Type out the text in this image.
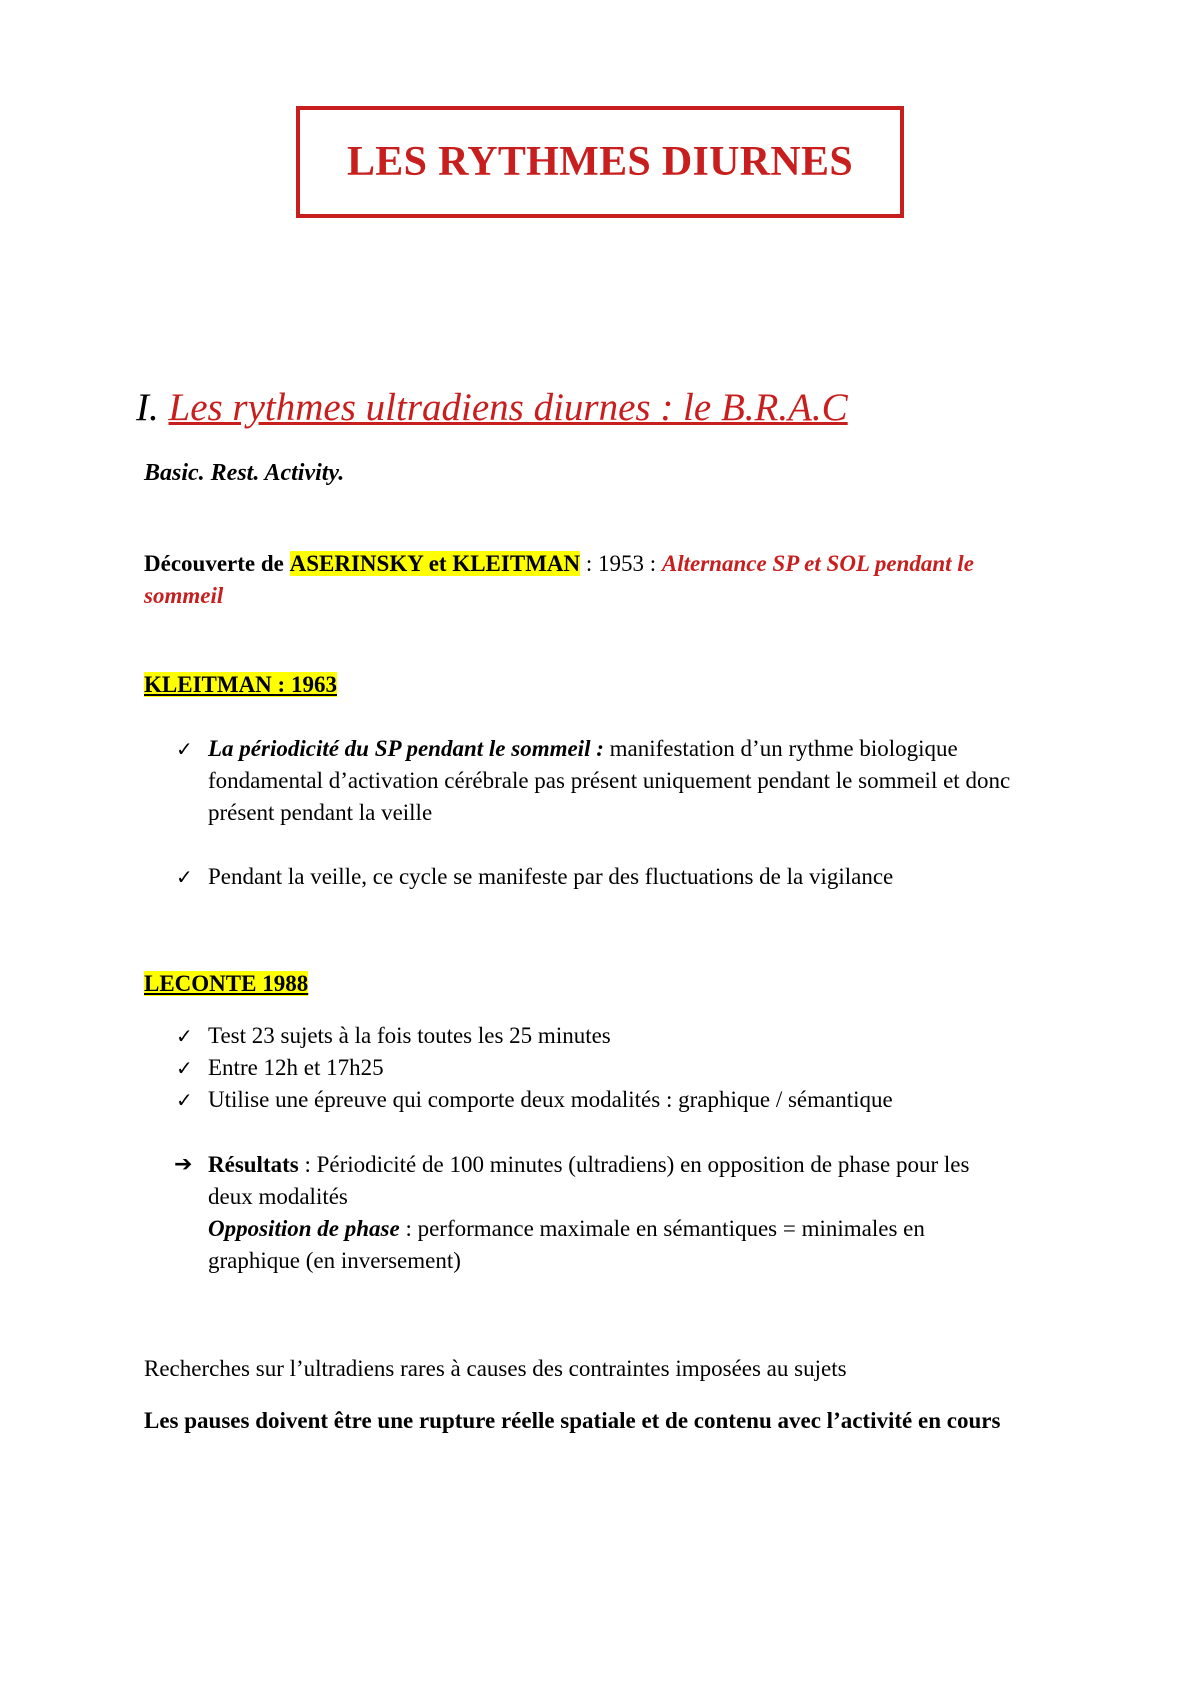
LES RYTHMES DIURNES
I. Les rythmes ultradiens diurnes : le B.R.A.C
Basic. Rest. Activity.
Découverte de ASERINSKY et KLEITMAN : 1953 : Alternance SP et SOL pendant le
sommeil
KLEITMAN : 1963
✓ La périodicité du SP pendant le sommeil : manifestation d’un rythme biologique
fondamental d’activation cérébrale pas présent uniquement pendant le sommeil et donc
présent pendant la veille
✓ Pendant la veille, ce cycle se manifeste par des fluctuations de la vigilance
LECONTE 1988
✓ Test 23 sujets à la fois toutes les 25 minutes
✓ Entre 12h et 17h25
✓ Utilise une épreuve qui comporte deux modalités : graphique / sémantique
➔ Résultats : Périodicité de 100 minutes (ultradiens) en opposition de phase pour les
deux modalités
Opposition de phase : performance maximale en sémantiques = minimales en
graphique (en inversement)
Recherches sur l’ultradiens rares à causes des contraintes imposées au sujets
Les pauses doivent être une rupture réelle spatiale et de contenu avec l’activité en cours
